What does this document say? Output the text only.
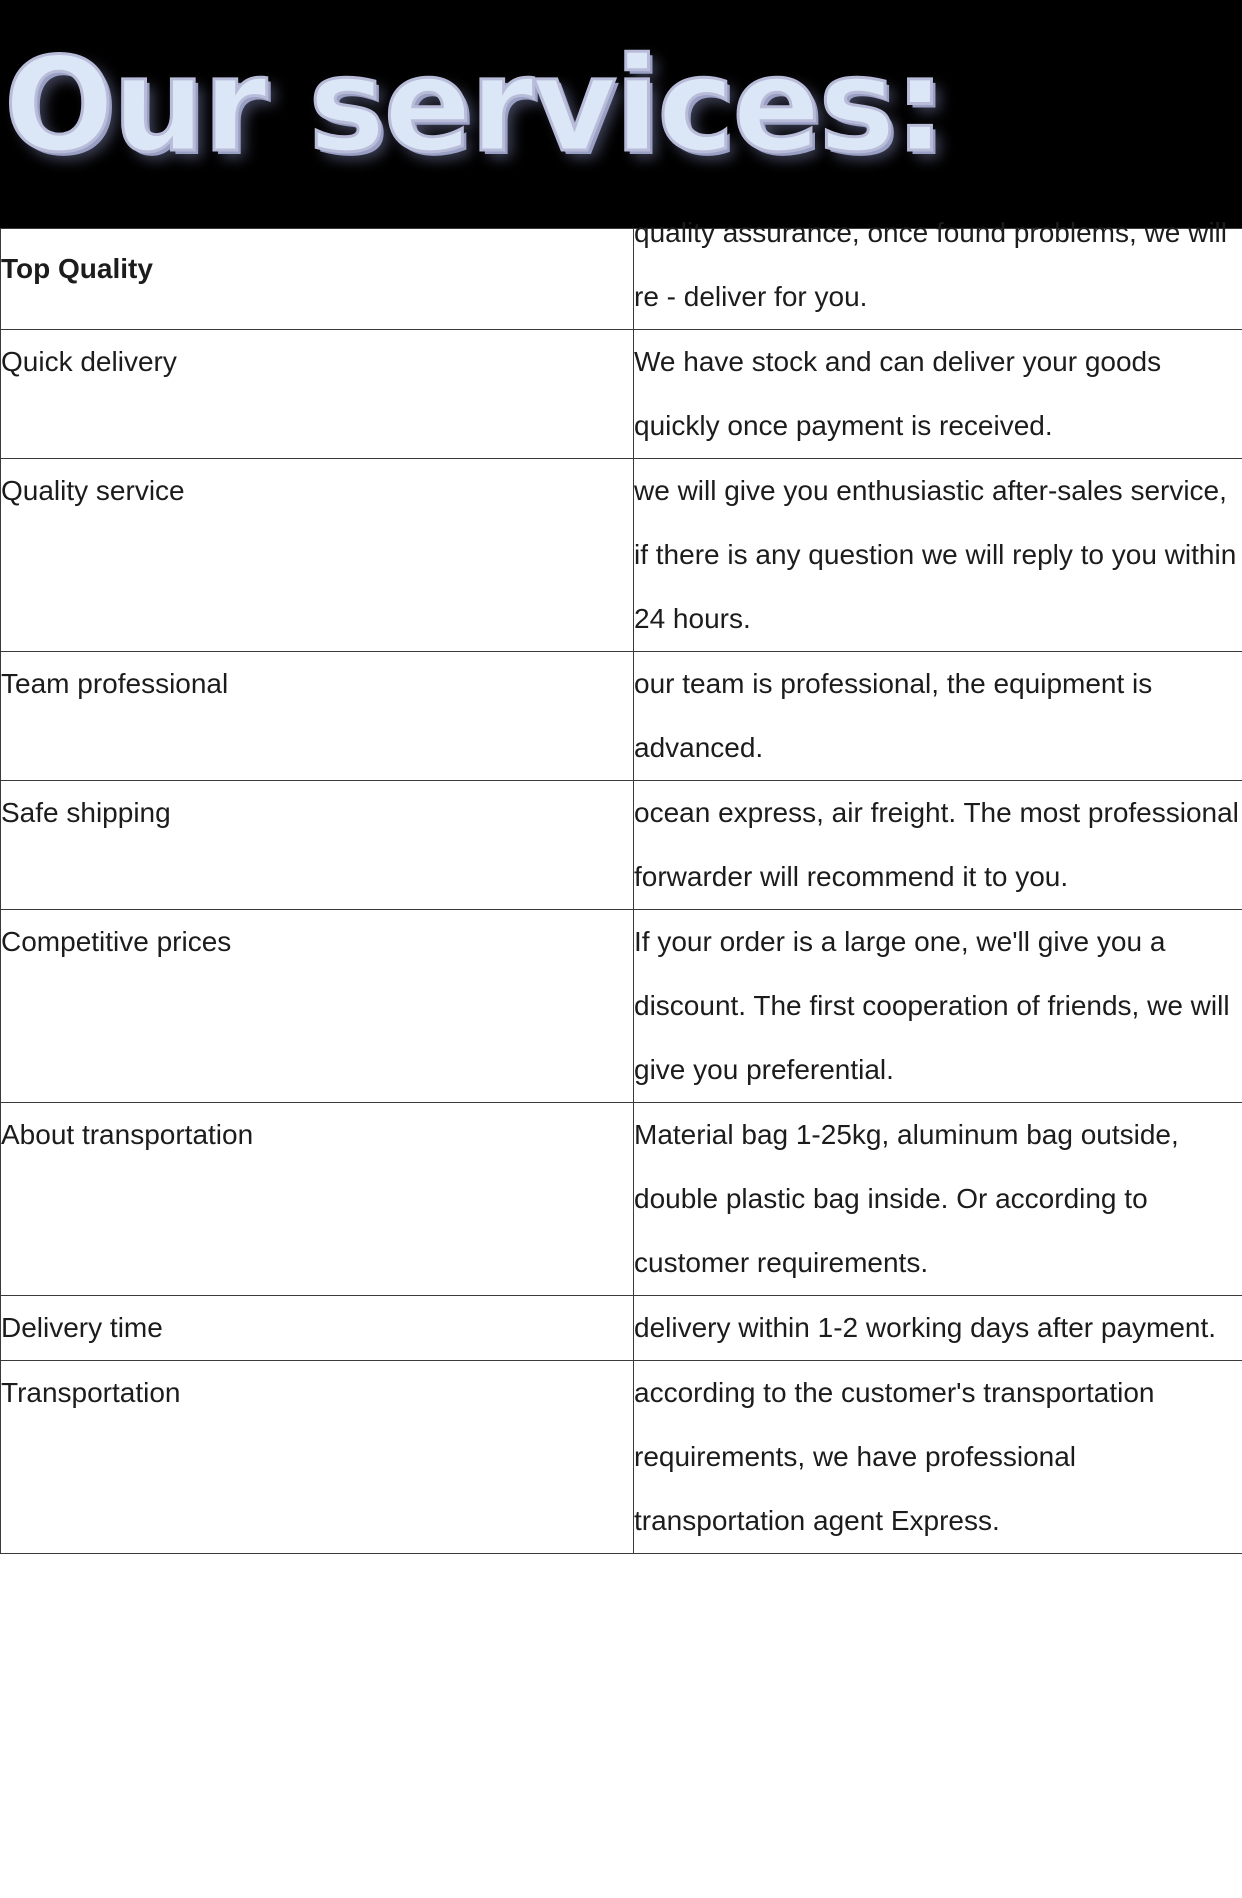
Our services:
Top Quality	quality assurance, once found problems, we will re - deliver for you.

Quick delivery	We have stock and can deliver your goods quickly once payment is received.

Quality service	we will give you enthusiastic after-sales service, if there is any question we will reply to you within 24 hours.

Team professional	our team is professional, the equipment is advanced.

Safe shipping	ocean express, air freight. The most professional forwarder will recommend it to you.

Competitive prices	If your order is a large one, we'll give you a discount. The first cooperation of friends, we will give you preferential.

About transportation	Material bag 1-25kg, aluminum bag outside, double plastic bag inside. Or according to customer requirements.

Delivery time	delivery within 1-2 working days after payment.

Transportation	according to the customer's transportation requirements, we have professional transportation agent Express.
